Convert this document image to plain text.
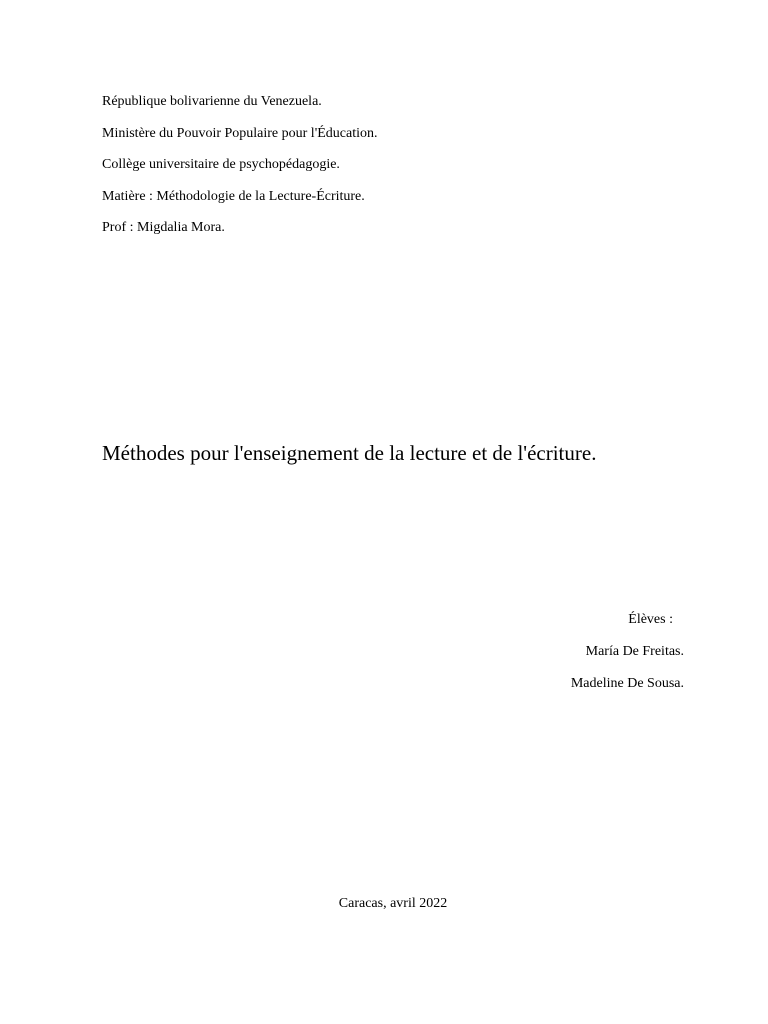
République bolivarienne du Venezuela.
Ministère du Pouvoir Populaire pour l'Éducation.
Collège universitaire de psychopédagogie.
Matière : Méthodologie de la Lecture-Écriture.
Prof : Migdalia Mora.
Méthodes pour l'enseignement de la lecture et de l'écriture.
Élèves :
María De Freitas.
Madeline De Sousa.
Caracas, avril 2022
